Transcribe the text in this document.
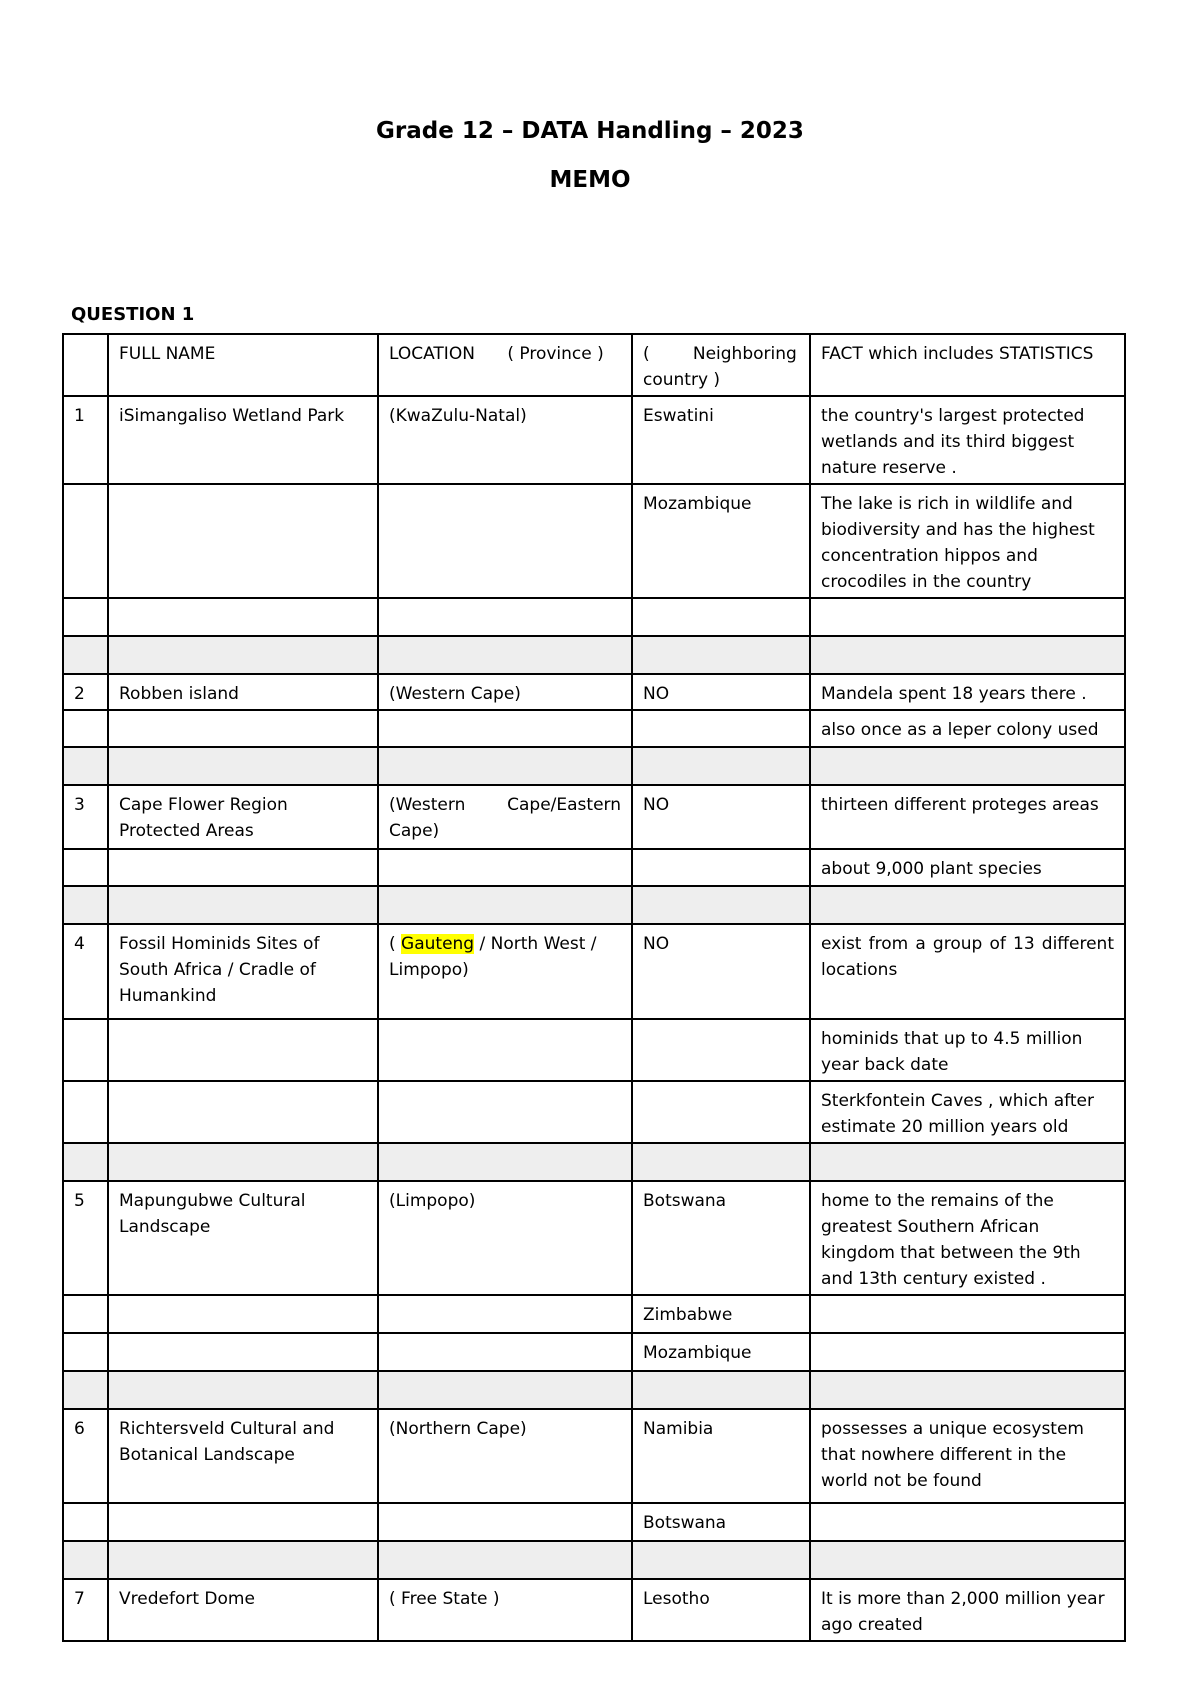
Grade 12 – DATA Handling – 2023
MEMO
QUESTION 1
	FULL NAME	LOCATION      ( Province )	(        Neighboring country )	FACT which includes STATISTICS
1	iSimangaliso Wetland Park	(KwaZulu-Natal)	Eswatini	the country's largest protected wetlands and its third biggest nature reserve .
			Mozambique	The lake is rich in wildlife and biodiversity and has the highest concentration hippos and crocodiles in the country

2	Robben island	(Western Cape)	NO	Mandela spent 18 years there .
				also once as a leper colony used

3	Cape Flower Region Protected Areas	(Western Cape/Eastern Cape)	NO	thirteen different proteges areas
				about 9,000 plant species

4	Fossil Hominids Sites of South Africa / Cradle of Humankind	( Gauteng / North West / Limpopo)	NO	exist from a group of 13 different locations
				hominids that up to 4.5 million year back date
				Sterkfontein Caves , which after estimate 20 million years old

5	Mapungubwe Cultural Landscape	(Limpopo)	Botswana	home to the remains of the greatest Southern African kingdom that between the 9th and 13th century existed .
			Zimbabwe	
			Mozambique	

6	Richtersveld Cultural and Botanical Landscape	(Northern Cape)	Namibia	possesses a unique ecosystem that nowhere different in the world not be found
			Botswana	

7	Vredefort Dome	( Free State )	Lesotho	It is more than 2,000 million year ago created
